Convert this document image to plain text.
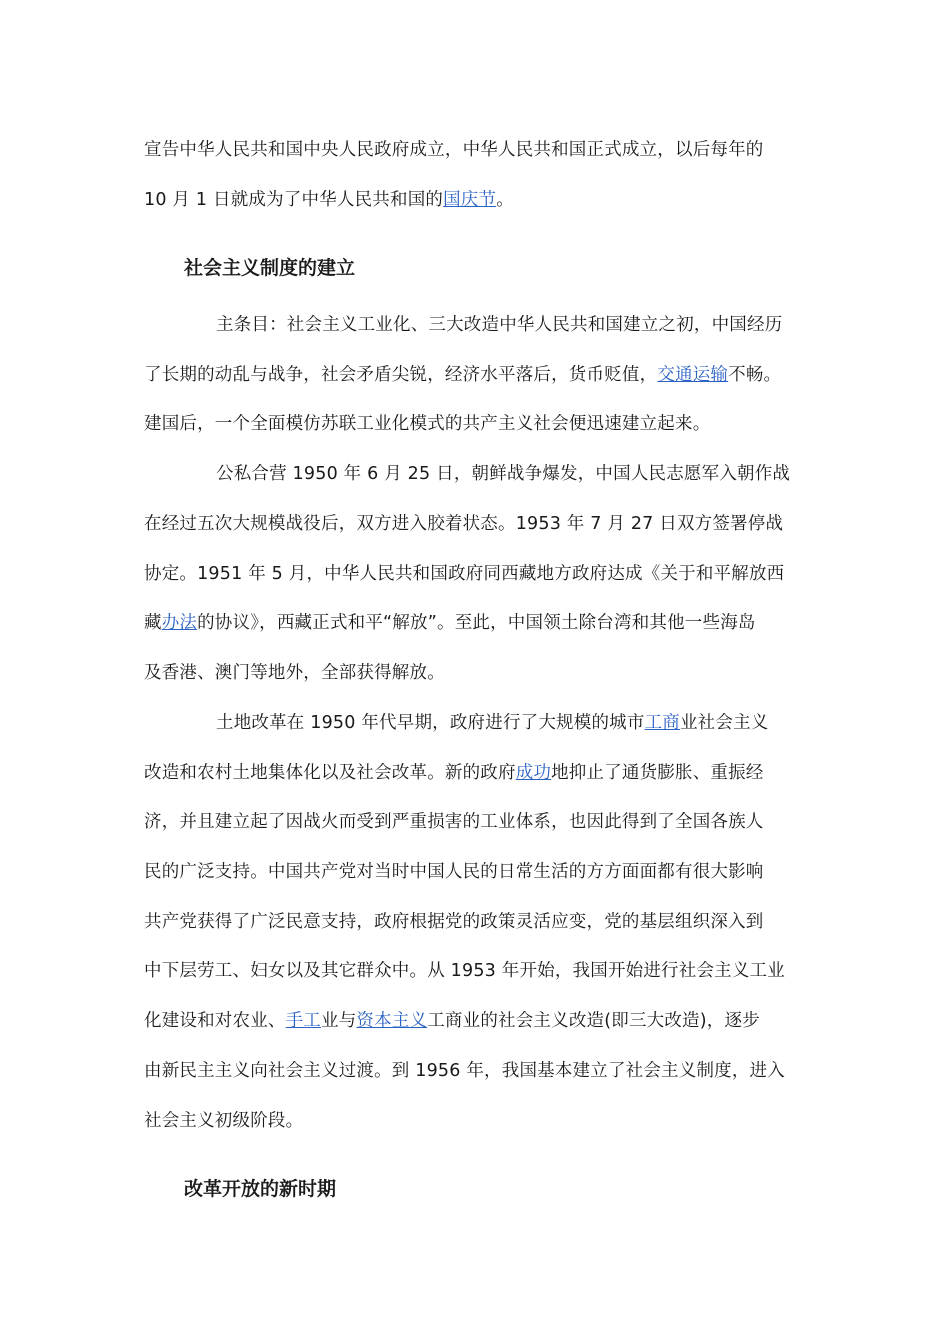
宣告中华人民共和国中央人民政府成立，中华人民共和国正式成立，以后每年的
10 月 1 日就成为了中华人民共和国的国庆节。
社会主义制度的建立
主条目：社会主义工业化、三大改造中华人民共和国建立之初，中国经历
了长期的动乱与战争，社会矛盾尖锐，经济水平落后，货币贬值，交通运输不畅。
建国后，一个全面模仿苏联工业化模式的共产主义社会便迅速建立起来。
公私合营 1950 年 6 月 25 日，朝鲜战争爆发，中国人民志愿军入朝作战
在经过五次大规模战役后，双方进入胶着状态。1953 年 7 月 27 日双方签署停战
协定。1951 年 5 月，中华人民共和国政府同西藏地方政府达成《关于和平解放西
藏办法的协议》，西藏正式和平“解放”。至此，中国领土除台湾和其他一些海岛
及香港、澳门等地外，全部获得解放。
土地改革在 1950 年代早期，政府进行了大规模的城市工商业社会主义
改造和农村土地集体化以及社会改革。新的政府成功地抑止了通货膨胀、重振经
济，并且建立起了因战火而受到严重损害的工业体系，也因此得到了全国各族人
民的广泛支持。中国共产党对当时中国人民的日常生活的方方面面都有很大影响
共产党获得了广泛民意支持，政府根据党的政策灵活应变，党的基层组织深入到
中下层劳工、妇女以及其它群众中。从 1953 年开始，我国开始进行社会主义工业
化建设和对农业、手工业与资本主义工商业的社会主义改造(即三大改造)，逐步
由新民主主义向社会主义过渡。到 1956 年，我国基本建立了社会主义制度，进入
社会主义初级阶段。
改革开放的新时期
